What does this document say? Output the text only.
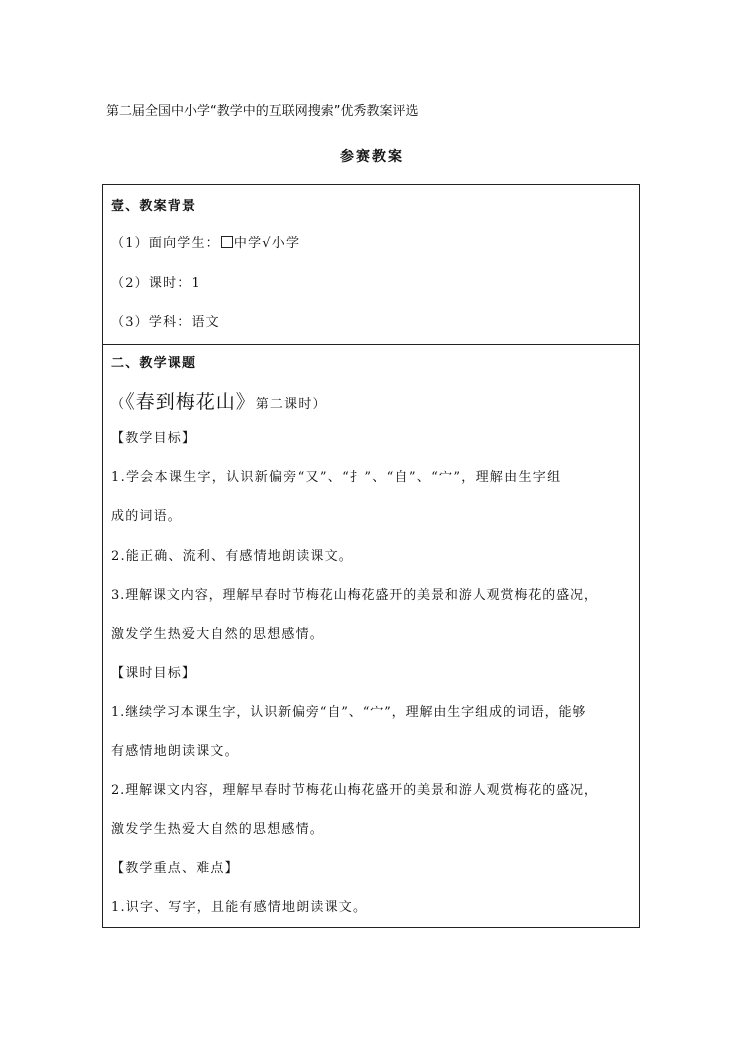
第二届全国中小学“教学中的互联网搜索”优秀教案评选
参赛教案
壹、教案背景
（1）面向学生： 中学√小学
（2）课时：1
（3）学科：语文
二、教学课题
（《春到梅花山》第二课时）
【教学目标】
1.学会本课生字，认识新偏旁“又”、“扌”、“自”、“宀”，理解由生字组
成的词语。
2.能正确、流利、有感情地朗读课文。
3.理解课文内容，理解早春时节梅花山梅花盛开的美景和游人观赏梅花的盛况，
激发学生热爱大自然的思想感情。
【课时目标】
1.继续学习本课生字，认识新偏旁“自”、“宀”，理解由生字组成的词语，能够
有感情地朗读课文。
2.理解课文内容，理解早春时节梅花山梅花盛开的美景和游人观赏梅花的盛况，
激发学生热爱大自然的思想感情。
【教学重点、难点】
1.识字、写字，且能有感情地朗读课文。
